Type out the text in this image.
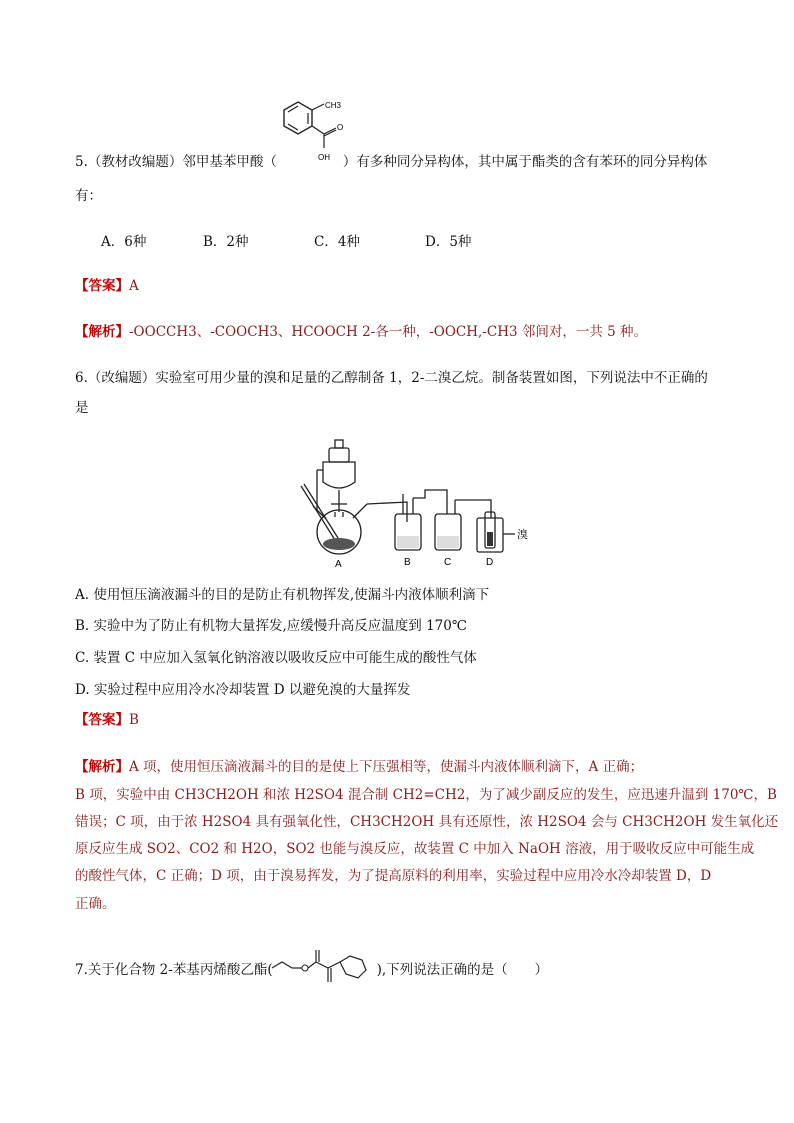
CH3
O
OH
5.（教材改编题）邻甲基苯甲酸（	）有多种同分异构体，其中属于酯类的含有苯环的同分异构体
有：
A．6种	B．2种	C．4种	D．5种
【答案】A
【解析】-OOCCH3、-COOCH3、HCOOCH 2-各一种，-OOCH,-CH3 邻间对，一共 5 种。
6.（改编题）实验室可用少量的溴和足量的乙醇制备 1，2-二溴乙烷。制备装置如图，下列说法中不正确的
是
A	B	C	D
溴
A. 使用恒压滴液漏斗的目的是防止有机物挥发,使漏斗内液体顺利滴下
B. 实验中为了防止有机物大量挥发,应缓慢升高反应温度到 170℃
C. 装置 C 中应加入氢氧化钠溶液以吸收反应中可能生成的酸性气体
D. 实验过程中应用冷水冷却装置 D 以避免溴的大量挥发
【答案】B
【解析】A 项，使用恒压滴液漏斗的目的是使上下压强相等，使漏斗内液体顺利滴下，A 正确；
B 项，实验中由 CH3CH2OH 和浓 H2SO4 混合制 CH2=CH2，为了减少副反应的发生，应迅速升温到 170℃，B
错误；C 项，由于浓 H2SO4 具有强氧化性，CH3CH2OH 具有还原性，浓 H2SO4 会与 CH3CH2OH 发生氧化还
原反应生成 SO2、CO2 和 H2O，SO2 也能与溴反应，故装置 C 中加入 NaOH 溶液，用于吸收反应中可能生成
的酸性气体，C 正确；D 项，由于溴易挥发，为了提高原料的利用率，实验过程中应用冷水冷却装置 D，D
正确。
7.关于化合物 2-苯基丙烯酸乙酯(	),下列说法正确的是（　　）
